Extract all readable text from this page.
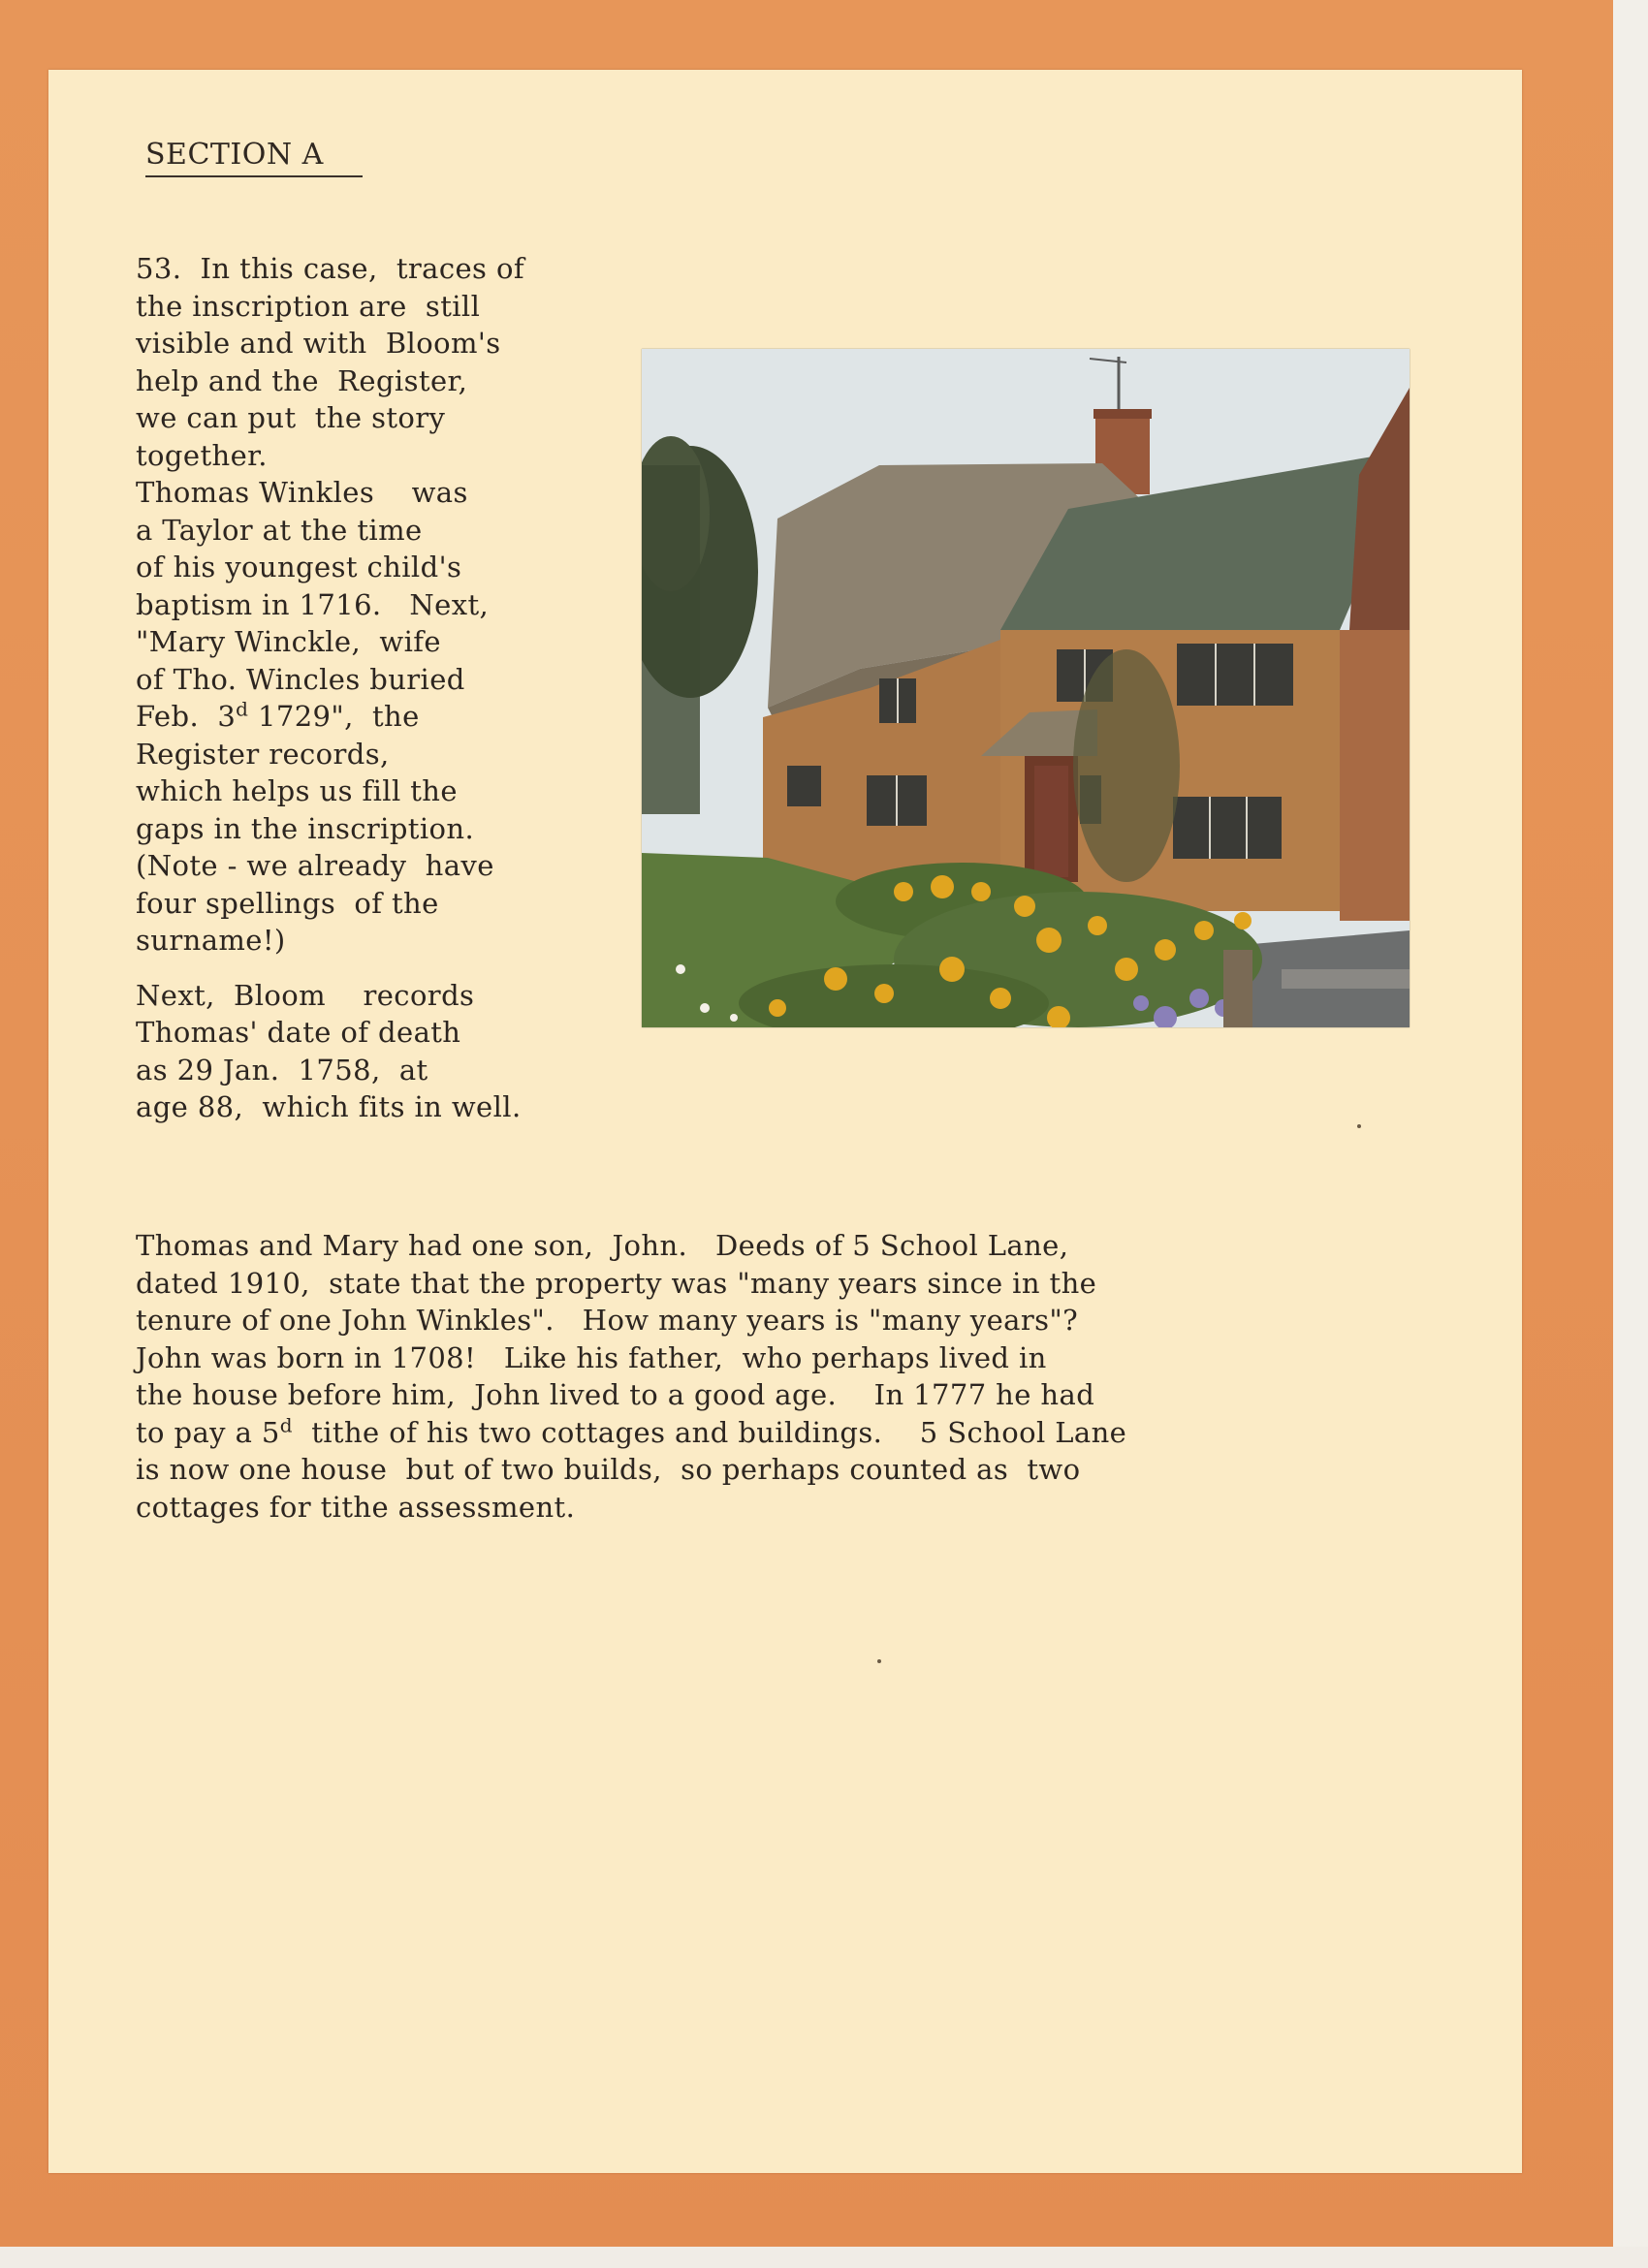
SECTION A

53.  In this case,  traces of

the inscription are  still

visible and with  Bloom's

help and the  Register,

we can put  the story

together.

Thomas Winkles    was

a Taylor at the time

of his youngest child's

baptism in 1716.   Next,

"Mary Winckle,  wife

of Tho. Wincles buried

Feb.  3$^d$ 1729",  the

Register records,

which helps us fill the

gaps in the inscription.

(Note - we already  have

four spellings  of the

surname!)

Next,  Bloom    records

Thomas' date of death

as 29 Jan.  1758,  at

age 88,  which fits in well.

Thomas and Mary had one son,  John.   Deeds of 5 School Lane,

dated 1910,  state that the property was "many years since in the

tenure of one John Winkles".   How many years is "many years"?

John was born in 1708!   Like his father,  who perhaps lived in

the house before him,  John lived to a good age.    In 1777 he had

to pay a 5$^d$  tithe of his two cottages and buildings.    5 School Lane

is now one house  but of two builds,  so perhaps counted as  two

cottages for tithe assessment.
